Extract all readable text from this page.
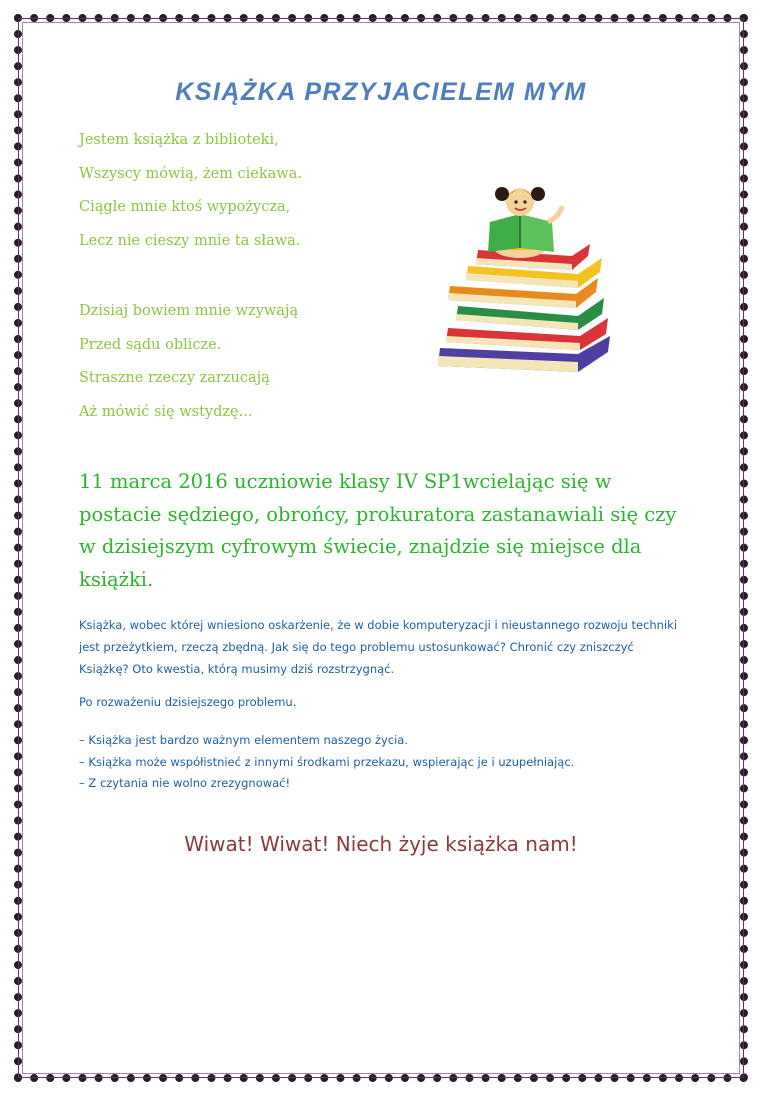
KSIĄŻKA PRZYJACIELEM MYM
Jestem książka z biblioteki,
Wszyscy mówią, żem ciekawa.
Ciągle mnie ktoś wypożycza,
Lecz nie cieszy mnie ta sława.
Dzisiaj bowiem mnie wzywają
Przed sądu oblicze.
Straszne rzeczy zarzucają
Aż mówić się wstydzę...
11 marca 2016 uczniowie klasy IV SP1wcielając się w postacie sędziego, obrońcy, prokuratora zastanawiali się czy w dzisiejszym cyfrowym świecie, znajdzie się miejsce dla książki.
Książka, wobec której wniesiono oskarżenie, że w dobie komputeryzacji i nieustannego rozwoju techniki jest przeżytkiem, rzeczą zbędną. Jak się do tego problemu ustosunkować? Chronić czy zniszczyć Książkę? Oto kwestia, którą musimy dziś rozstrzygnąć.
Po rozważeniu dzisiejszego problemu.
– Książka jest bardzo ważnym elementem naszego życia.
– Książka może współistnieć z innymi środkami przekazu, wspierając je i uzupełniając.
– Z czytania nie wolno zrezygnować!
Wiwat! Wiwat! Niech żyje książka nam!
